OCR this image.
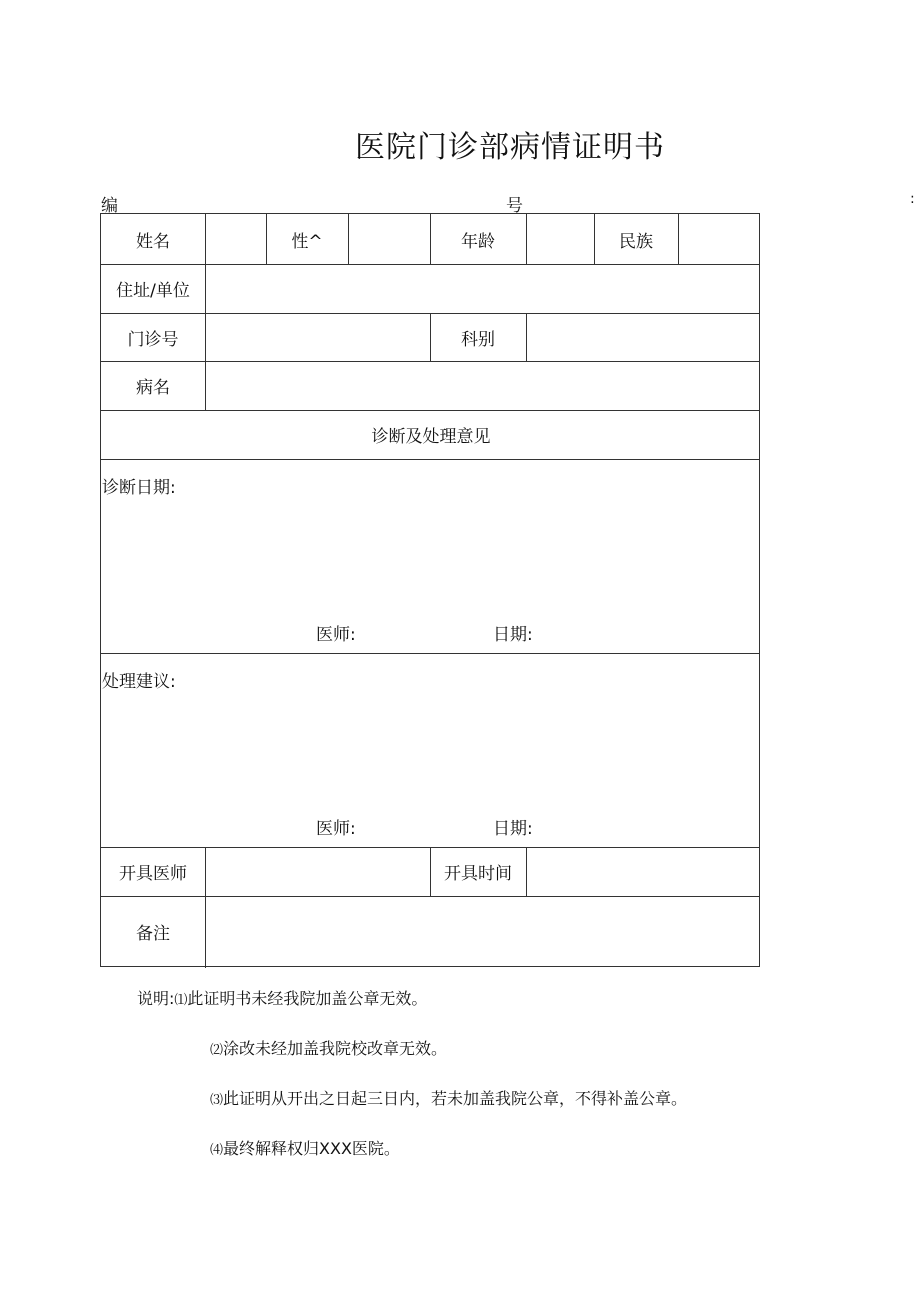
医院门诊部病情证明书
编	号	:
姓名	性^	年龄	民族
住址/单位
门诊号	科别
病名
诊断及处理意见
诊断日期:
医师:	日期:
处理建议:
医师:	日期:
开具医师	开具时间
备注
说明:⑴此证明书未经我院加盖公章无效。
⑵涂改未经加盖我院校改章无效。
⑶此证明从开出之日起三日内，若未加盖我院公章，不得补盖公章。
⑷最终解释权归XXX医院。
